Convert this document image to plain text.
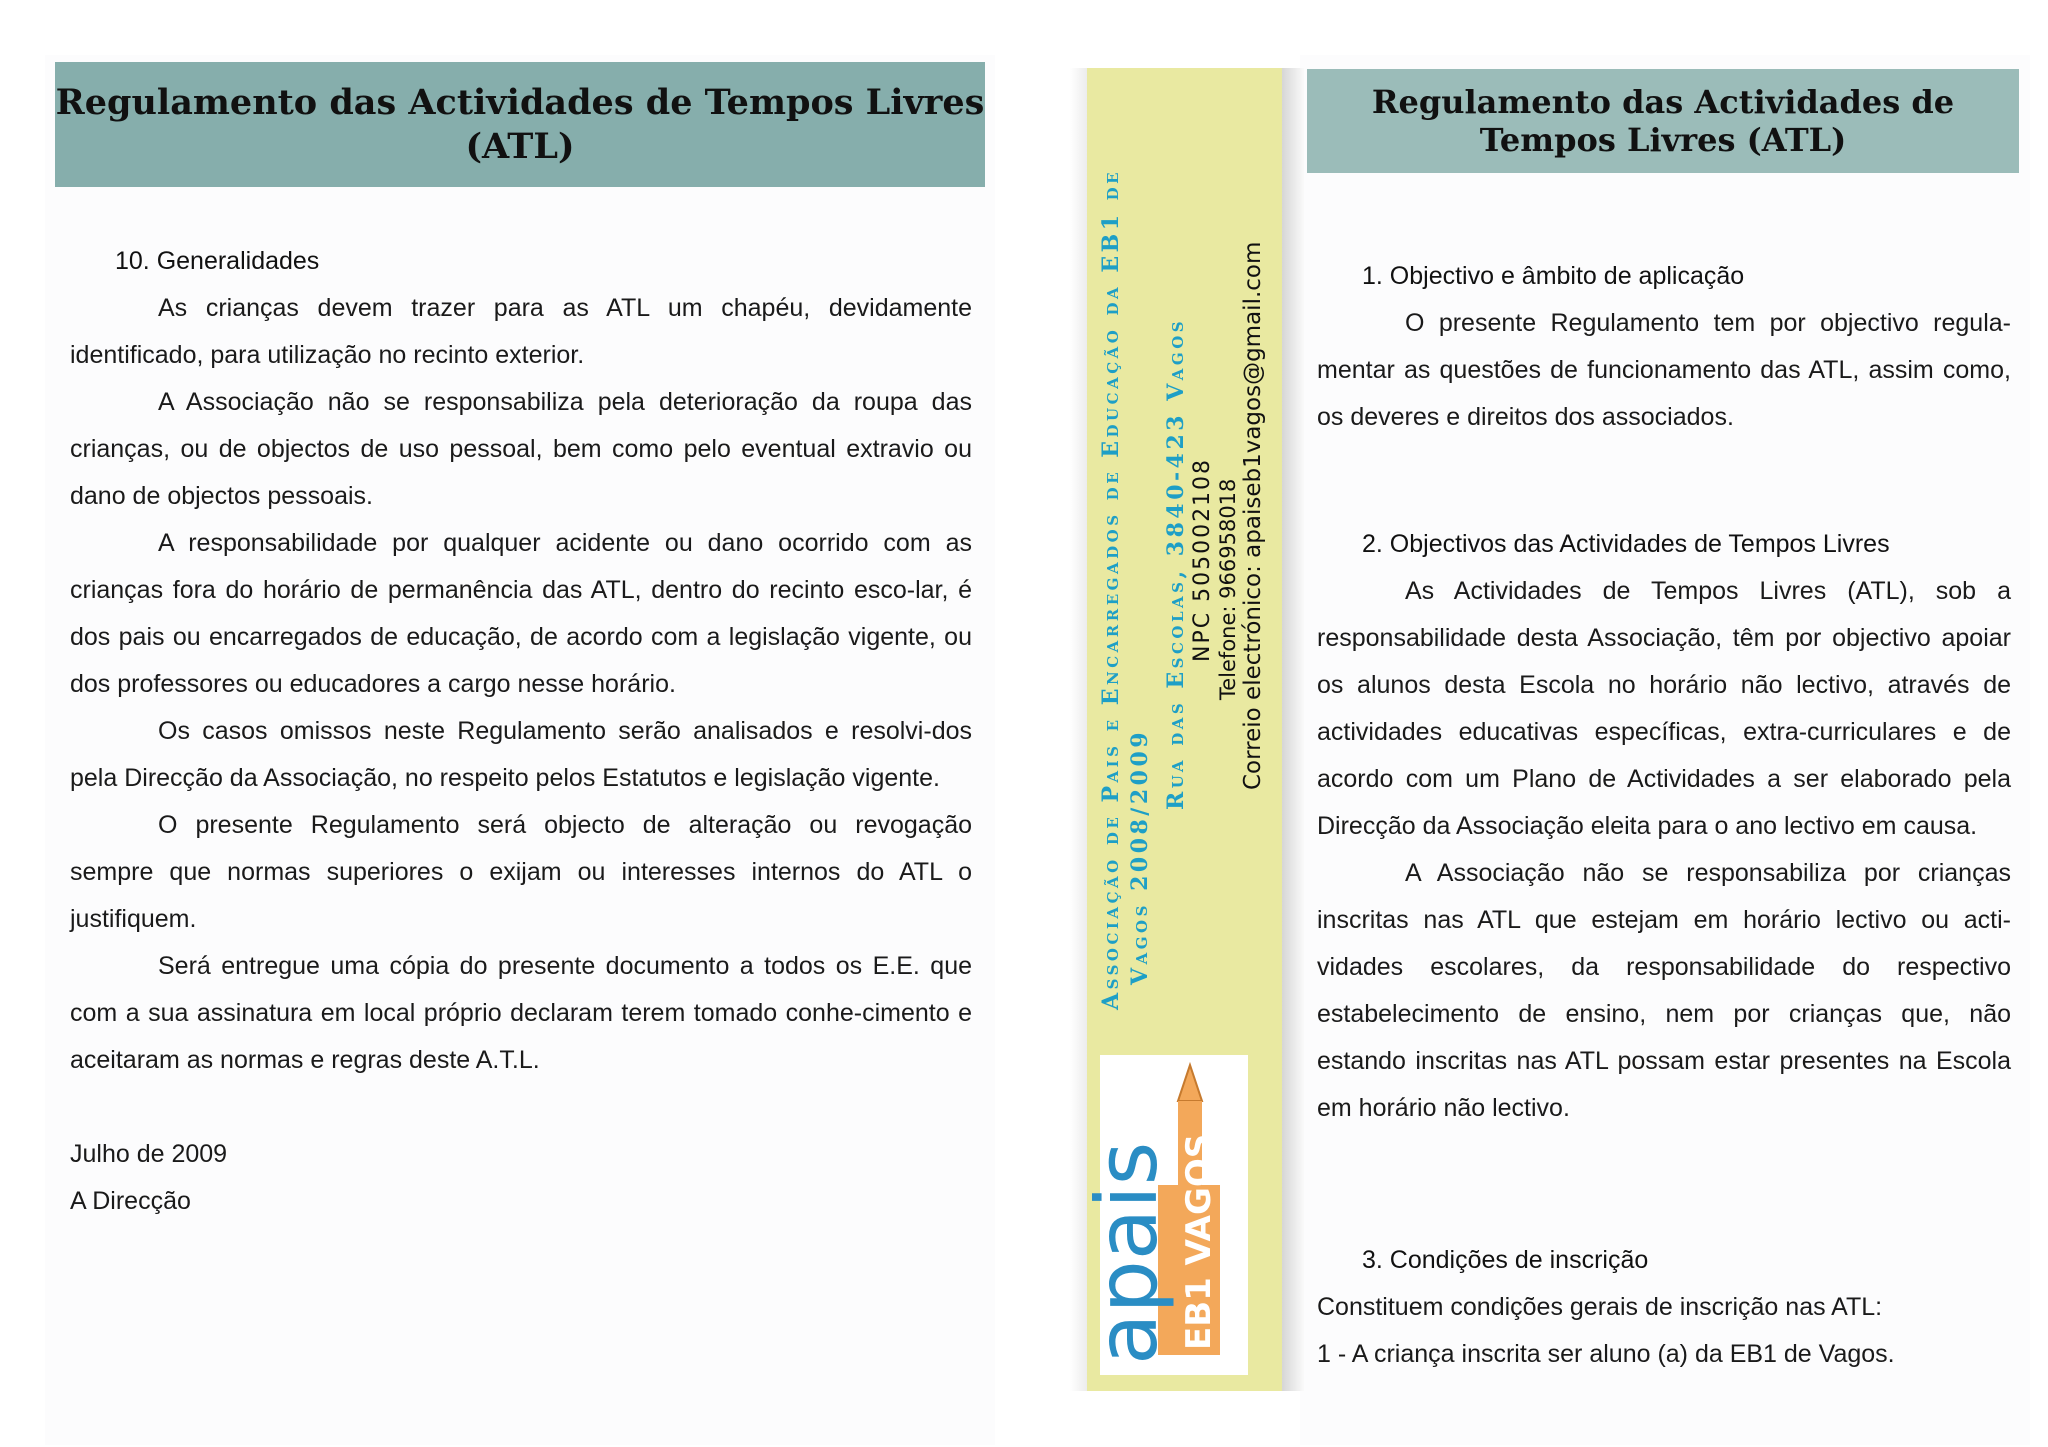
Regulamento das Actividades de Tempos Livres (ATL)

10. Generalidades

As crianças devem trazer para as ATL um chapéu, devidamente identificado, para utilização no recinto exterior.

A Associação não se responsabiliza pela deterioração da roupa das crianças, ou de objectos de uso pessoal, bem como pelo eventual extravio ou dano de objectos pessoais.

A responsabilidade por qualquer acidente ou dano ocorrido com as crianças fora do horário de permanência das ATL, dentro do recinto esco-lar, é dos pais ou encarregados de educação, de acordo com a legislação vigente, ou dos professores ou educadores a cargo nesse horário.

Os casos omissos neste Regulamento serão analisados e resolvi-dos pela Direcção da Associação, no respeito pelos Estatutos e legislação vigente.

O presente Regulamento será objecto de alteração ou revogação sempre que normas superiores o exijam ou interesses internos do ATL o justifiquem.

Será entregue uma cópia do presente documento a todos os E.E. que com a sua assinatura em local próprio declaram terem tomado conhe-cimento e aceitaram as normas e regras deste A.T.L.

Julho de 2009

A Direcção

Associação de Pais e Encarregados de Educação da EB1 de Vagos 2008/2009
Rua das Escolas, 3840-423 Vagos NPC 505002108 Telefone: 966958018 Correio electrónico: apaiseb1vagos@gmail.com
apais EB1 VAGOS
Regulamento das Actividades de Tempos Livres (ATL)

1. Objectivo e âmbito de aplicação

O presente Regulamento tem por objectivo regula-mentar as questões de funcionamento das ATL, assim como, os deveres e direitos dos associados.

2. Objectivos das Actividades de Tempos Livres

As Actividades de Tempos Livres (ATL), sob a responsabilidade desta Associação, têm por objectivo apoiar os alunos desta Escola no horário não lectivo, através de actividades educativas específicas, extra-curriculares e de acordo com um Plano de Actividades a ser elaborado pela Direcção da Associação eleita para o ano lectivo em causa.

A Associação não se responsabiliza por crianças inscritas nas ATL que estejam em horário lectivo ou acti-vidades escolares, da responsabilidade do respectivo estabelecimento de ensino, nem por crianças que, não estando inscritas nas ATL possam estar presentes na Escola em horário não lectivo.

3. Condições de inscrição

Constituem condições gerais de inscrição nas ATL:

1 - A criança inscrita ser aluno (a) da EB1 de Vagos.
